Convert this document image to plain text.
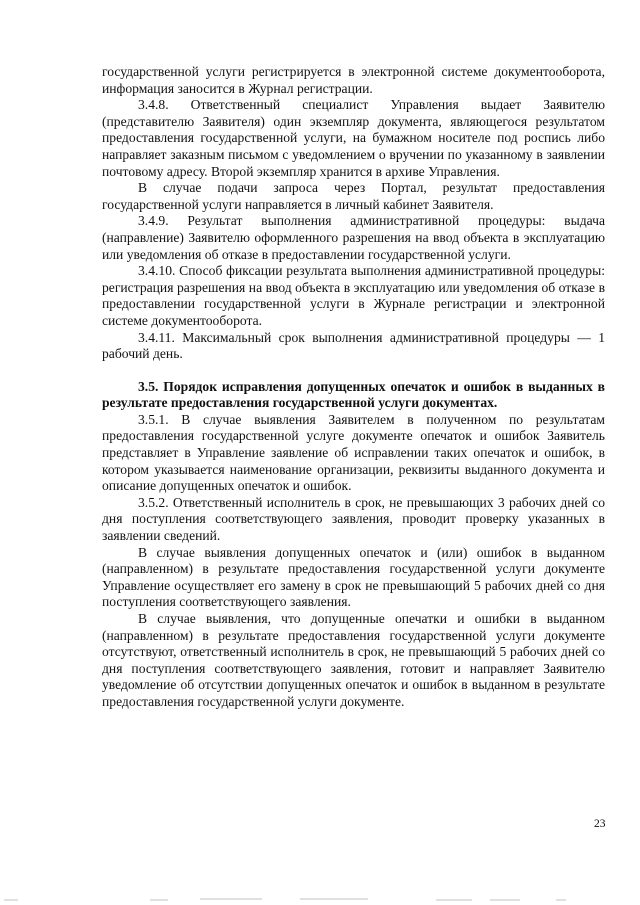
государственной услуги регистрируется в электронной системе документооборота, информация заносится в Журнал регистрации.

3.4.8. Ответственный специалист Управления выдает Заявителю (представителю Заявителя) один экземпляр документа, являющегося результатом предоставления государственной услуги, на бумажном носителе под роспись либо направляет заказным письмом с уведомлением о вручении по указанному в заявлении почтовому адресу. Второй экземпляр хранится в архиве Управления.

В случае подачи запроса через Портал, результат предоставления государственной услуги направляется в личный кабинет Заявителя.

3.4.9. Результат выполнения административной процедуры: выдача (направление) Заявителю оформленного разрешения на ввод объекта в эксплуатацию или уведомления об отказе в предоставлении государственной услуги.

3.4.10. Способ фиксации результата выполнения административной процедуры: регистрация разрешения на ввод объекта в эксплуатацию или уведомления об отказе в предоставлении государственной услуги в Журнале регистрации и электронной системе документооборота.

3.4.11. Максимальный срок выполнения административной процедуры — 1 рабочий день.

3.5. Порядок исправления допущенных опечаток и ошибок в выданных в результате предоставления государственной услуги документах.

3.5.1. В случае выявления Заявителем в полученном по результатам предоставления государственной услуге документе опечаток и ошибок Заявитель представляет в Управление заявление об исправлении таких опечаток и ошибок, в котором указывается наименование организации, реквизиты выданного документа и описание допущенных опечаток и ошибок.

3.5.2. Ответственный исполнитель в срок, не превышающих 3 рабочих дней со дня поступления соответствующего заявления, проводит проверку указанных в заявлении сведений.

В случае выявления допущенных опечаток и (или) ошибок в выданном (направленном) в результате предоставления государственной услуги документе Управление осуществляет его замену в срок не превышающий 5 рабочих дней со дня поступления соответствующего заявления.

В случае выявления, что допущенные опечатки и ошибки в выданном (направленном) в результате предоставления государственной услуги документе отсутствуют, ответственный исполнитель в срок, не превышающий 5 рабочих дней со дня поступления соответствующего заявления, готовит и направляет Заявителю уведомление об отсутствии допущенных опечаток и ошибок в выданном в результате предоставления государственной услуги документе.

23
